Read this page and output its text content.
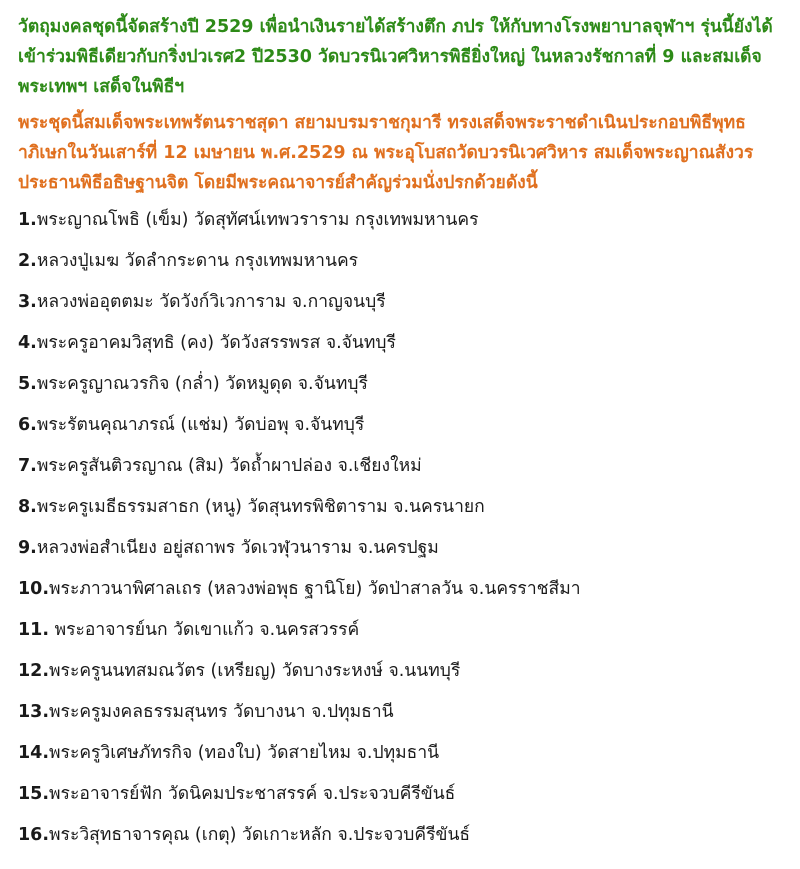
วัตถุมงคลชุดนี้จัดสร้างปี 2529 เพื่อนำเงินรายได้สร้างตึก ภปร ให้กับทางโรงพยาบาลจุฬาฯ รุ่นนี้ยังได้เข้าร่วมพิธีเดียวกับกริ่งปวเรศ2 ปี2530 วัดบวรนิเวศวิหารพิธียิ่งใหญ่ ในหลวงรัชกาลที่ 9 และสมเด็จพระเทพฯ เสด็จในพิธีฯ

พระชุดนี้สมเด็จพระเทพรัตนราชสุดา สยามบรมราชกุมารี ทรงเสด็จพระราชดำเนินประกอบพิธีพุทธาภิเษกในวันเสาร์ที่ 12 เมษายน พ.ศ.2529 ณ พระอุโบสถวัดบวรนิเวศวิหาร สมเด็จพระญาณสังวร ประธานพิธีอธิษฐานจิต โดยมีพระคณาจารย์สำคัญร่วมนั่งปรกด้วยดังนี้

1.พระญาณโพธิ (เข็ม) วัดสุทัศน์เทพวราราม กรุงเทพมหานคร
2.หลวงปู่เมฆ วัดลำกระดาน กรุงเทพมหานคร
3.หลวงพ่ออุตตมะ วัดวังก์วิเวการาม จ.กาญจนบุรี
4.พระครูอาคมวิสุทธิ (คง) วัดวังสรรพรส จ.จันทบุรี
5.พระครูญาณวรกิจ (กล่ำ) วัดหมูดุด จ.จันทบุรี
6.พระรัตนคุณาภรณ์ (แช่ม) วัดบ่อพุ จ.จันทบุรี
7.พระครูสันติวรญาณ (สิม) วัดถ้ำผาปล่อง จ.เชียงใหม่
8.พระครูเมธีธรรมสาธก (หนู) วัดสุนทรพิชิตาราม จ.นครนายก
9.หลวงพ่อสำเนียง อยู่สถาพร วัดเวฬุวนาราม จ.นครปฐม
10.พระภาวนาพิศาลเถร (หลวงพ่อพุธ ฐานิโย) วัดป่าสาลวัน จ.นครราชสีมา
11. พระอาจารย์นก วัดเขาแก้ว จ.นครสวรรค์
12.พระครูนนทสมณวัตร (เหรียญ) วัดบางระหงษ์ จ.นนทบุรี
13.พระครูมงคลธรรมสุนทร วัดบางนา จ.ปทุมธานี
14.พระครูวิเศษภัทรกิจ (ทองใบ) วัดสายไหม จ.ปทุมธานี
15.พระอาจารย์ฟัก วัดนิคมประชาสรรค์ จ.ประจวบคีรีขันธ์
16.พระวิสุทธาจารคุณ (เกตุ) วัดเกาะหลัก จ.ประจวบคีรีขันธ์
